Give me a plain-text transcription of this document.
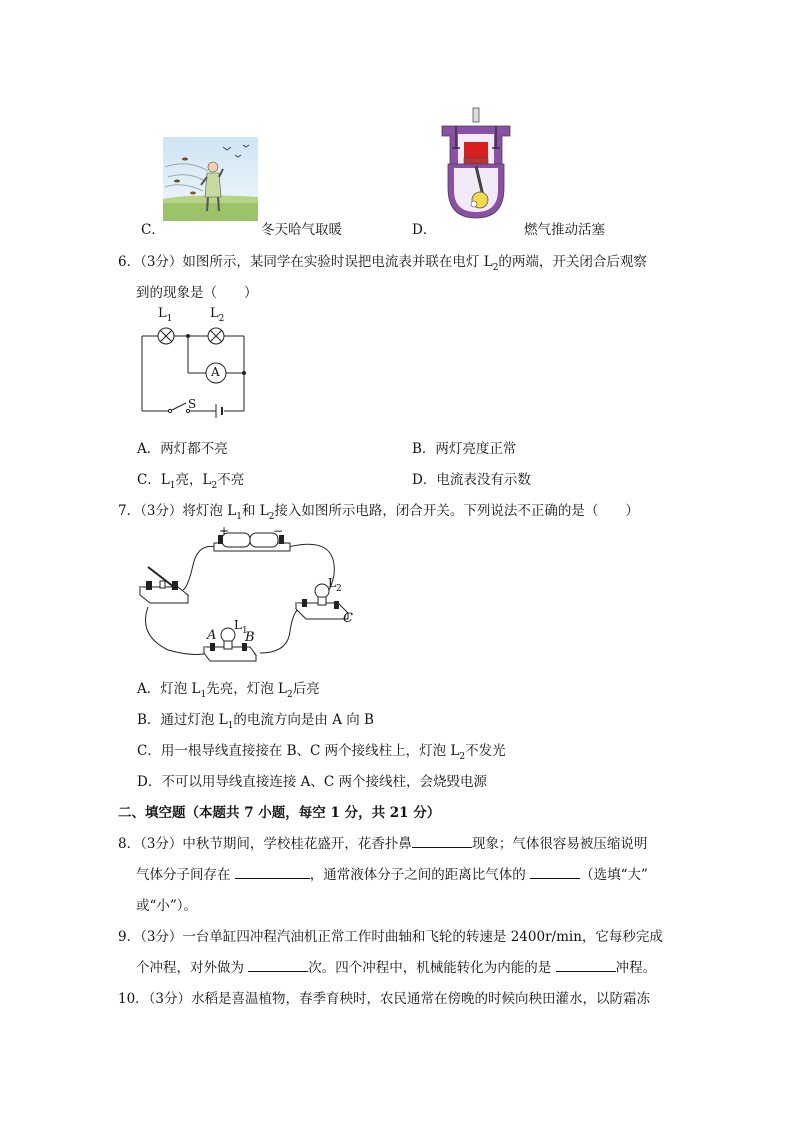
C．	冬天哈气取暖	D．	燃气推动活塞
6．（3分）如图所示，某同学在实验时误把电流表并联在电灯 $L_2$的两端，开关闭合后观察
到的现象是（　　）
$L_1$	$L_2$
A
S
A．两灯都不亮	B．两灯亮度正常
C．$L_1$亮，$L_2$不亮	D．电流表没有示数
7．（3分）将灯泡 $L_1$和 $L_2$接入如图所示电路，闭合开关。下列说法不正确的是（　　）
+	−
$L_2$
$L_1$
A B
C
A．灯泡 $L_1$先亮，灯泡 $L_2$后亮
B．通过灯泡 $L_1$的电流方向是由 A 向 B
C．用一根导线直接接在 B、C 两个接线柱上，灯泡 $L_2$不发光
D．不可以用导线直接连接 A、C 两个接线柱，会烧毁电源
二、填空题（本题共 7 小题，每空 1 分，共 21 分）
8．（3分）中秋节期间，学校桂花盛开，花香扑鼻	现象；气体很容易被压缩说明
气体分子间存在	，通常液体分子之间的距离比气体的	（选填“大”
或“小”）。
9．（3分）一台单缸四冲程汽油机正常工作时曲轴和飞轮的转速是 2400r/min，它每秒完成
个冲程，对外做为	次。四个冲程中，机械能转化为内能的是	冲程。
10．（3分）水稻是喜温植物，春季育秧时，农民通常在傍晚的时候向秧田灌水，以防霜冻
